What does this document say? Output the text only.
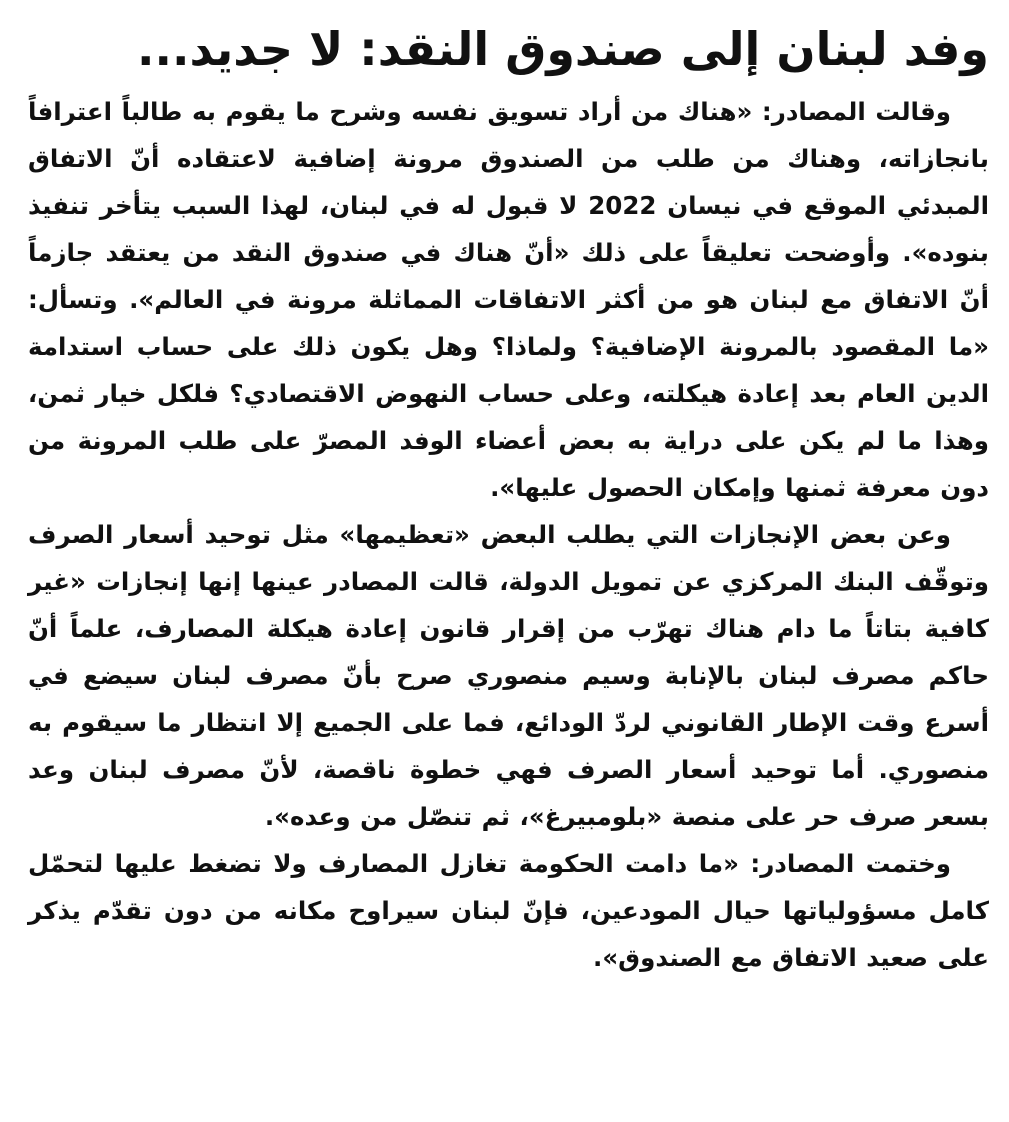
وفد لبنان إلى صندوق النقد: لا جديد...

وقالت المصادر: «هناك من أراد تسويق نفسه وشرح ما يقوم به طالباً اعترافاً بانجازاته، وهناك من طلب من الصندوق مرونة إضافية لاعتقاده أنّ الاتفاق المبدئي الموقع في نيسان 2022 لا قبول له في لبنان، لهذا السبب يتأخر تنفيذ بنوده». وأوضحت تعليقاً على ذلك «أنّ هناك في صندوق النقد من يعتقد جازماً أنّ الاتفاق مع لبنان هو من أكثر الاتفاقات المماثلة مرونة في العالم». وتسأل: «ما المقصود بالمرونة الإضافية؟ ولماذا؟ وهل يكون ذلك على حساب استدامة الدين العام بعد إعادة هيكلته، وعلى حساب النهوض الاقتصادي؟ فلكل خيار ثمن، وهذا ما لم يكن على دراية به بعض أعضاء الوفد المصرّ على طلب المرونة من دون معرفة ثمنها وإمكان الحصول عليها».

وعن بعض الإنجازات التي يطلب البعض «تعظيمها» مثل توحيد أسعار الصرف وتوقّف البنك المركزي عن تمويل الدولة، قالت المصادر عينها إنها إنجازات «غير كافية بتاتاً ما دام هناك تهرّب من إقرار قانون إعادة هيكلة المصارف، علماً أنّ حاكم مصرف لبنان بالإنابة وسيم منصوري صرح بأنّ مصرف لبنان سيضع في أسرع وقت الإطار القانوني لردّ الودائع، فما على الجميع إلا انتظار ما سيقوم به منصوري. أما توحيد أسعار الصرف فهي خطوة ناقصة، لأنّ مصرف لبنان وعد بسعر صرف حر على منصة «بلومبيرغ»، ثم تنصّل من وعده».

وختمت المصادر: «ما دامت الحكومة تغازل المصارف ولا تضغط عليها لتحمّل كامل مسؤولياتها حيال المودعين، فإنّ لبنان سيراوح مكانه من دون تقدّم يذكر على صعيد الاتفاق مع الصندوق».
